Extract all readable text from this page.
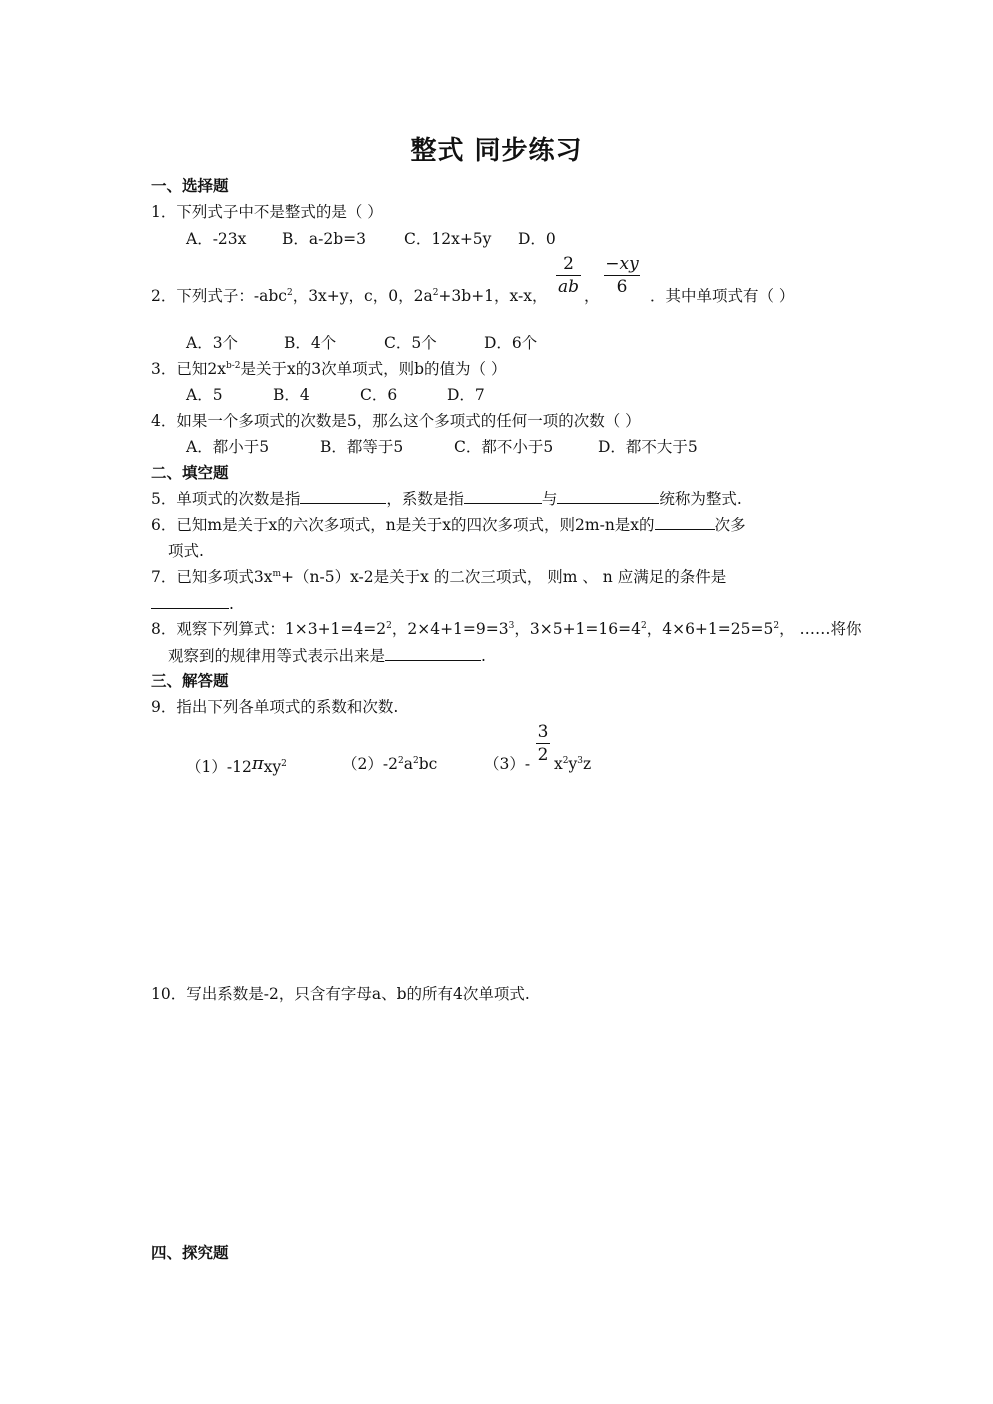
整式 同步练习
一、选择题
1．下列式子中不是整式的是（ ）
A．-23x B．a-2b=3 C．12x+5y D．0
2．下列式子：-abc$^2$，3x+y，c，0，$2a^2+3b+1$，x-x，
2
ab ，
−xy
6	．其中单项式有（ ）
A．3个	B．4个	C．5个	D．6个
3．已知$2x^{b-2}$是关于x的3次单项式，则b的值为（ ）
A．5	B．4	C．6	D．7
4．如果一个多项式的次数是5，那么这个多项式的任何一项的次数（ ）
A．都小于5	B．都等于5	C．都不小于5	D．都不大于5
二、填空题
5．单项式的次数是指	，系数是指	与	统称为整式.
6．已知m是关于x的六次多项式，n是关于x的四次多项式，则2m-n是x的	次多
项式.
7．已知多项式$3x^m+(n-5)x-2$是关于x 的二次三项式， 则m 、 n 应满足的条件是
.
8．观察下列算式：$1\times 3+1=4=2^2$，$2\times 4+1=9=3^3$，$3\times 5+1=16=4^2$，$4\times 6+1=25=5^2$， ……将你
观察到的规律用等式表示出来是	.
三、解答题
9．指出下列各单项式的系数和次数.
（1）-12πxy$^2$	$(2)-2^2a^2bc$	（3）-
3
2 $x^2y^3z$
10．写出系数是-2，只含有字母a、b的所有4次单项式.
四、探究题
